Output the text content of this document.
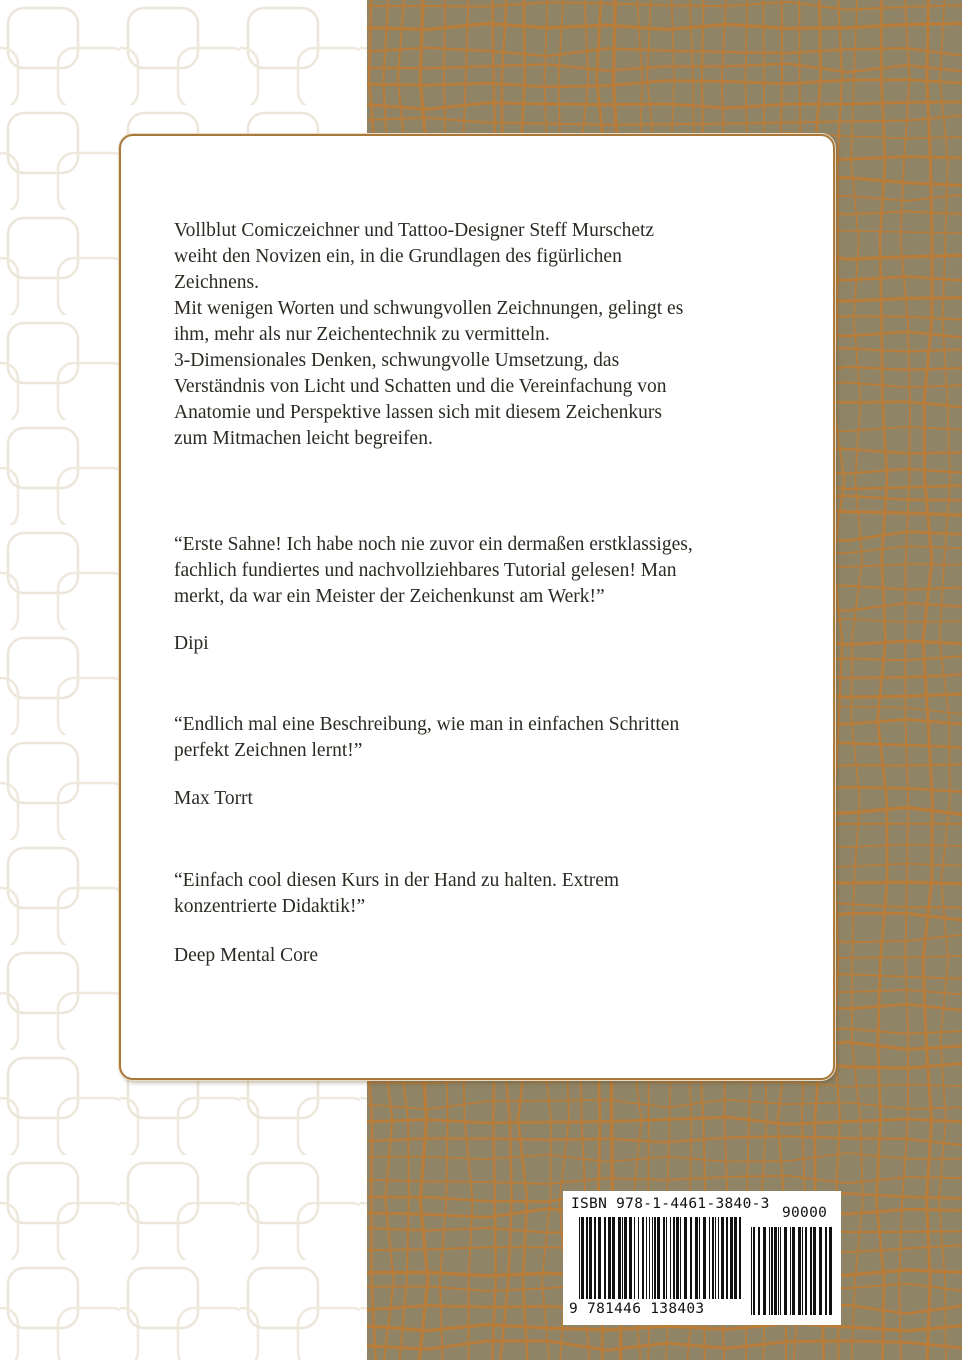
Vollblut Comiczeichner und Tattoo-Designer Steff Murschetz
weiht den Novizen ein, in die Grundlagen des figürlichen
Zeichnens.
Mit wenigen Worten und schwungvollen Zeichnungen, gelingt es
ihm, mehr als nur Zeichentechnik zu vermitteln.
3-Dimensionales Denken, schwungvolle Umsetzung, das
Verständnis von Licht und Schatten und die Vereinfachung von
Anatomie und Perspektive lassen sich mit diesem Zeichenkurs
zum Mitmachen leicht begreifen.
“Erste Sahne! Ich habe noch nie zuvor ein dermaßen erstklassiges,
fachlich fundiertes und nachvollziehbares Tutorial gelesen! Man
merkt, da war ein Meister der Zeichenkunst am Werk!”

Dipi

“Endlich mal eine Beschreibung, wie man in einfachen Schritten
perfekt Zeichnen lernt!”

Max Torrt

“Einfach cool diesen Kurs in der Hand zu halten. Extrem
konzentrierte Didaktik!”

Deep Mental Core

ISBN 978-1-4461-3840-3
90000
9 781446 138403
